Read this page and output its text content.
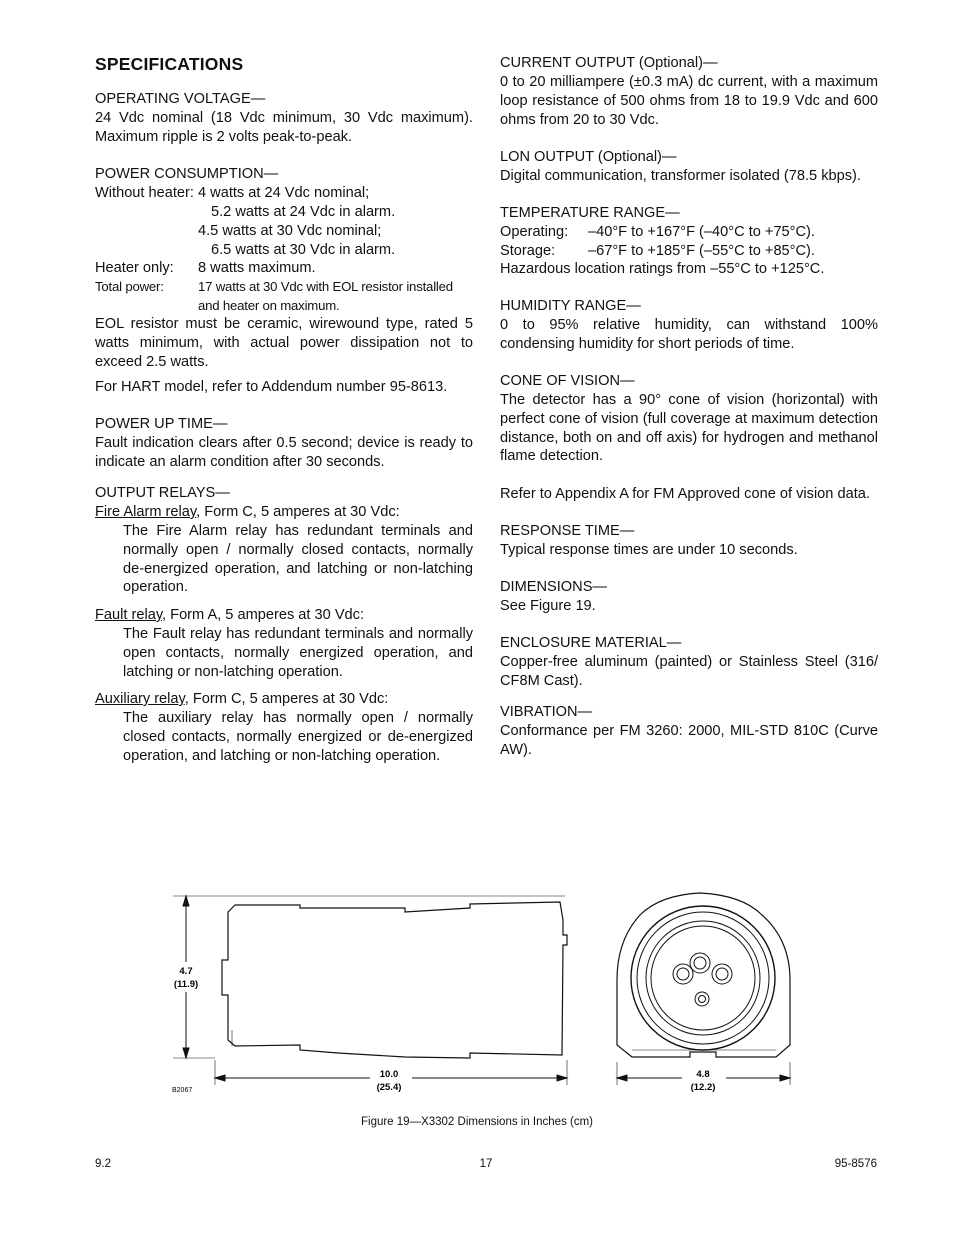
SPECIFICATIONS
OPERATING VOLTAGE—
24 Vdc nominal (18 Vdc minimum, 30 Vdc maximum).
Maximum ripple is 2 volts peak-to-peak.
POWER CONSUMPTION—
Without heater: 4 watts at 24 Vdc nominal;
5.2 watts at 24 Vdc in alarm.
4.5 watts at 30 Vdc nominal;
6.5 watts at 30 Vdc in alarm.
Heater only: 8 watts maximum.
Total power:	17 watts at 30 Vdc with EOL resistor installed
and heater on maximum.
EOL resistor must be ceramic, wirewound type, rated 5 watts minimum, with actual power dissipation not to exceed 2.5 watts.
For HART model, refer to Addendum number 95-8613.
POWER UP TIME—
Fault indication clears after 0.5 second; device is ready to indicate an alarm condition after 30 seconds.
OUTPUT RELAYS—
Fire Alarm relay, Form C, 5 amperes at 30 Vdc:
The Fire Alarm relay has redundant terminals and normally open / normally closed contacts, normally de-energized operation, and latching or non-latching operation.
Fault relay, Form A, 5 amperes at 30 Vdc:
The Fault relay has redundant terminals and normally open contacts, normally energized operation, and latching or non-latching operation.
Auxiliary relay, Form C, 5 amperes at 30 Vdc:
The auxiliary relay has normally open / normally closed contacts, normally energized or de-energized operation, and latching or non-latching operation.
CURRENT OUTPUT (Optional)—
0 to 20 milliampere (±0.3 mA) dc current, with a maximum loop resistance of 500 ohms from 18 to 19.9 Vdc and 600 ohms from 20 to 30 Vdc.
LON OUTPUT (Optional)—
Digital communication, transformer isolated (78.5 kbps).
TEMPERATURE RANGE—
Operating: –40°F to +167°F (–40°C to +75°C).
Storage: –67°F to +185°F (–55°C to +85°C).
Hazardous location ratings from –55°C to +125°C.
HUMIDITY RANGE—
0 to 95% relative humidity, can withstand 100% condensing humidity for short periods of time.
CONE OF VISION—
The detector has a 90° cone of vision (horizontal) with perfect cone of vision (full coverage at maximum detection distance, both on and off axis) for hydrogen and methanol flame detection.
Refer to Appendix A for FM Approved cone of vision data.
RESPONSE TIME—
Typical response times are under 10 seconds.
DIMENSIONS—
See Figure 19.
ENCLOSURE MATERIAL—
Copper-free aluminum (painted) or Stainless Steel (316/ CF8M Cast).
VIBRATION—
Conformance per FM 3260: 2000, MIL-STD 810C (Curve AW).
4.7
(11.9)
10.0
(25.4)
4.8
(12.2)
B2067
Figure 19—X3302 Dimensions in Inches (cm)
9.2	17	95-8576
